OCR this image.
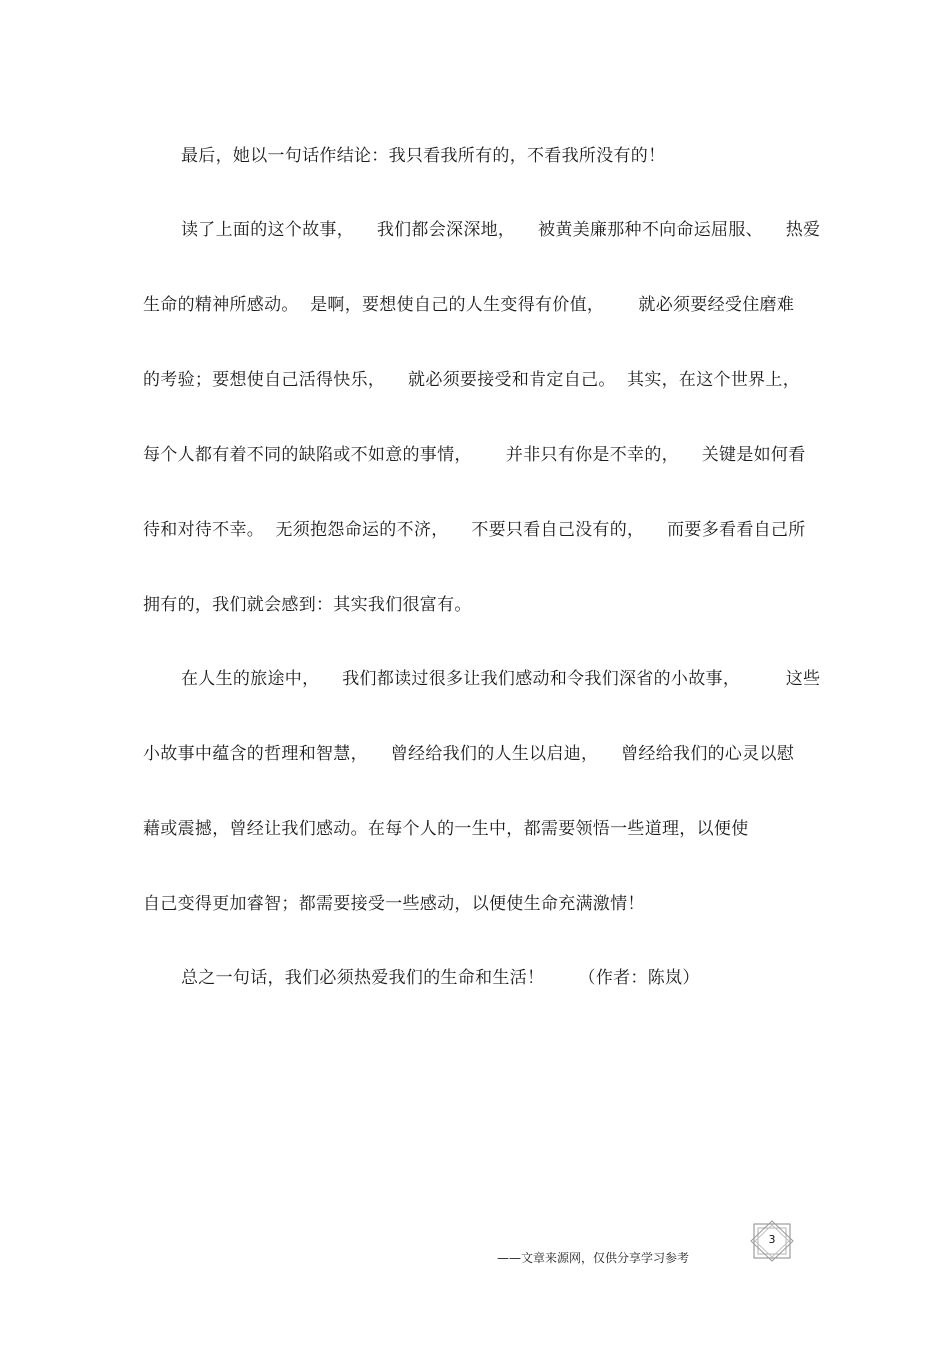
最后，她以一句话作结论：我只看我所有的，不看我所没有的！
读了上面的这个故事，    我们都会深深地，    被黄美廉那种不向命运屈服、    热爱
生命的精神所感动。  是啊，要想使自己的人生变得有价值，      就必须要经受住磨难
的考验；要想使自己活得快乐，    就必须要接受和肯定自己。  其实，在这个世界上，
每个人都有着不同的缺陷或不如意的事情，      并非只有你是不幸的，    关键是如何看
待和对待不幸。  无须抱怨命运的不济，    不要只看自己没有的，    而要多看看自己所
拥有的，我们就会感到：其实我们很富有。
在人生的旅途中，    我们都读过很多让我们感动和令我们深省的小故事，        这些
小故事中蕴含的哲理和智慧，    曾经给我们的人生以启迪，    曾经给我们的心灵以慰
藉或震撼，曾经让我们感动。在每个人的一生中，都需要领悟一些道理，以便使
自己变得更加睿智；都需要接受一些感动，以便使生命充满激情！
总之一句话，我们必须热爱我们的生命和生活！      （作者：陈岚）
——文章来源网，仅供分享学习参考
3
